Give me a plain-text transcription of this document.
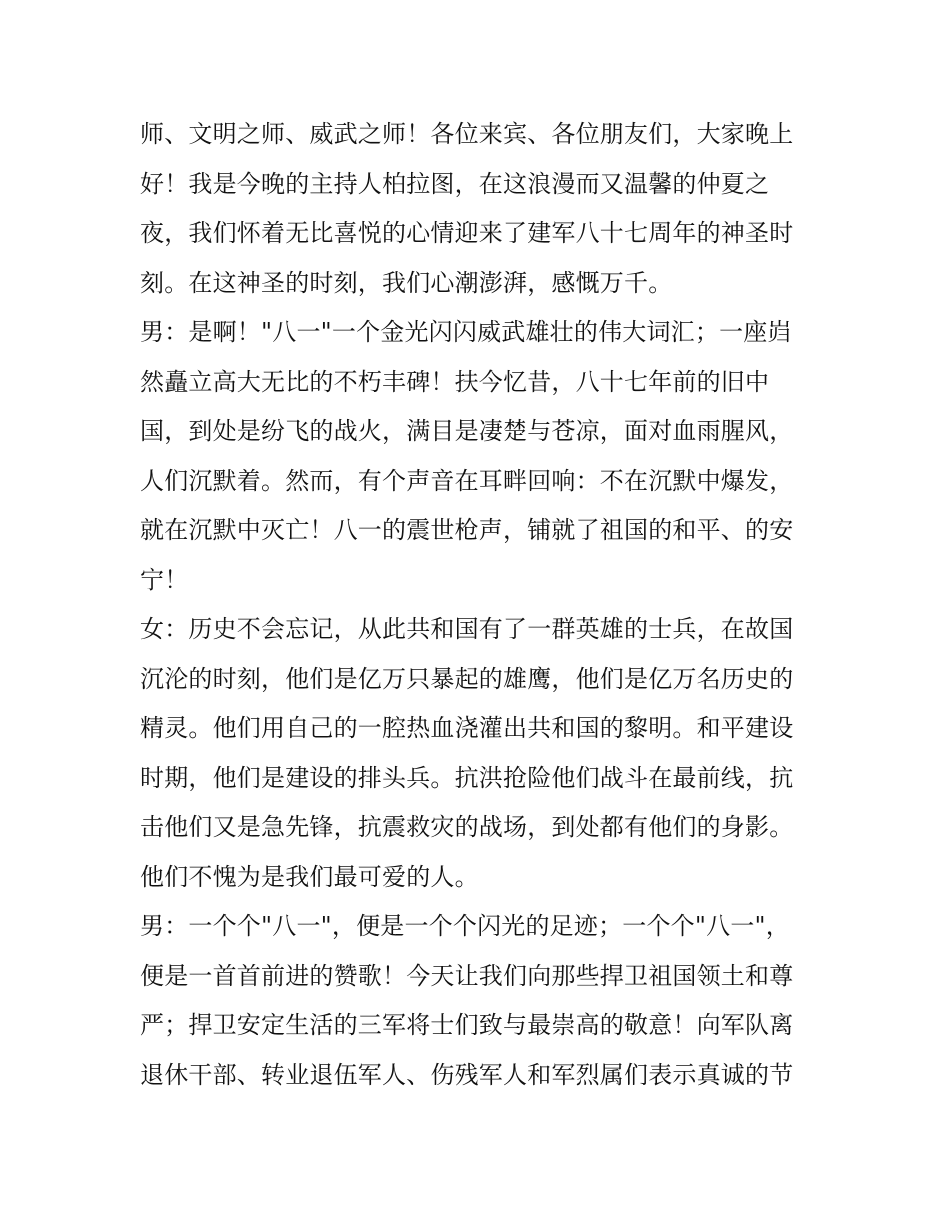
师、文明之师、威武之师！各位来宾、各位朋友们，大家晚上
好！我是今晚的主持人柏拉图，在这浪漫而又温馨的仲夏之
夜，我们怀着无比喜悦的心情迎来了建军八十七周年的神圣时
刻。在这神圣的时刻，我们心潮澎湃，感慨万千。
男：是啊！"八一"一个金光闪闪威武雄壮的伟大词汇；一座岿
然矗立高大无比的不朽丰碑！扶今忆昔，八十七年前的旧中
国，到处是纷飞的战火，满目是凄楚与苍凉，面对血雨腥风，
人们沉默着。然而，有个声音在耳畔回响：不在沉默中爆发，
就在沉默中灭亡！八一的震世枪声，铺就了祖国的和平、的安
宁！
女：历史不会忘记，从此共和国有了一群英雄的士兵，在故国
沉沦的时刻，他们是亿万只暴起的雄鹰，他们是亿万名历史的
精灵。他们用自己的一腔热血浇灌出共和国的黎明。和平建设
时期，他们是建设的排头兵。抗洪抢险他们战斗在最前线，抗
击他们又是急先锋，抗震救灾的战场，到处都有他们的身影。
他们不愧为是我们最可爱的人。
男：一个个"八一"，便是一个个闪光的足迹；一个个"八一"，
便是一首首前进的赞歌！今天让我们向那些捍卫祖国领土和尊
严；捍卫安定生活的三军将士们致与最崇高的敬意！向军队离
退休干部、转业退伍军人、伤残军人和军烈属们表示真诚的节
